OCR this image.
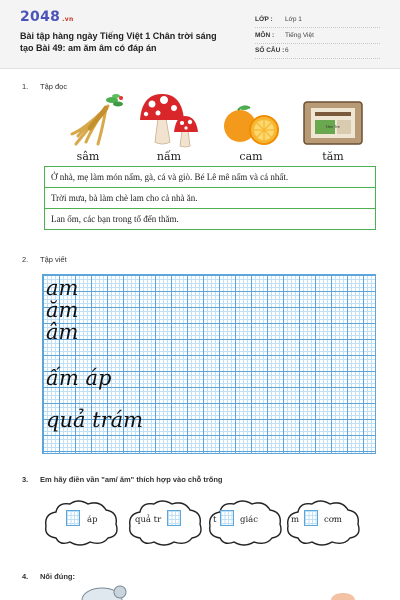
2048 .vn
Bài tập hàng ngày Tiếng Việt 1 Chân trời sáng tạo Bài 49: am ăm âm có đáp án
LỚP : Lớp 1
MÔN : Tiếng Việt
SỐ CÂU : 6
1. Tập đọc
Tăm Tre
sâm	nấm	cam	tăm
Ở nhà, mẹ làm món nấm, gà, cá và giò. Bé Lê mê nấm và cá nhất.
Trời mưa, bà làm chè lam cho cả nhà ăn.
Lan ốm, các bạn trong tổ đến thăm.
2. Tập viết
am
ăm
âm
ấm áp
quả trám
3. Em hãy điền vần "am/ ăm" thích hợp vào chỗ trống
áp	quả tr	t	giác	m	cơm
4. Nối đúng:
